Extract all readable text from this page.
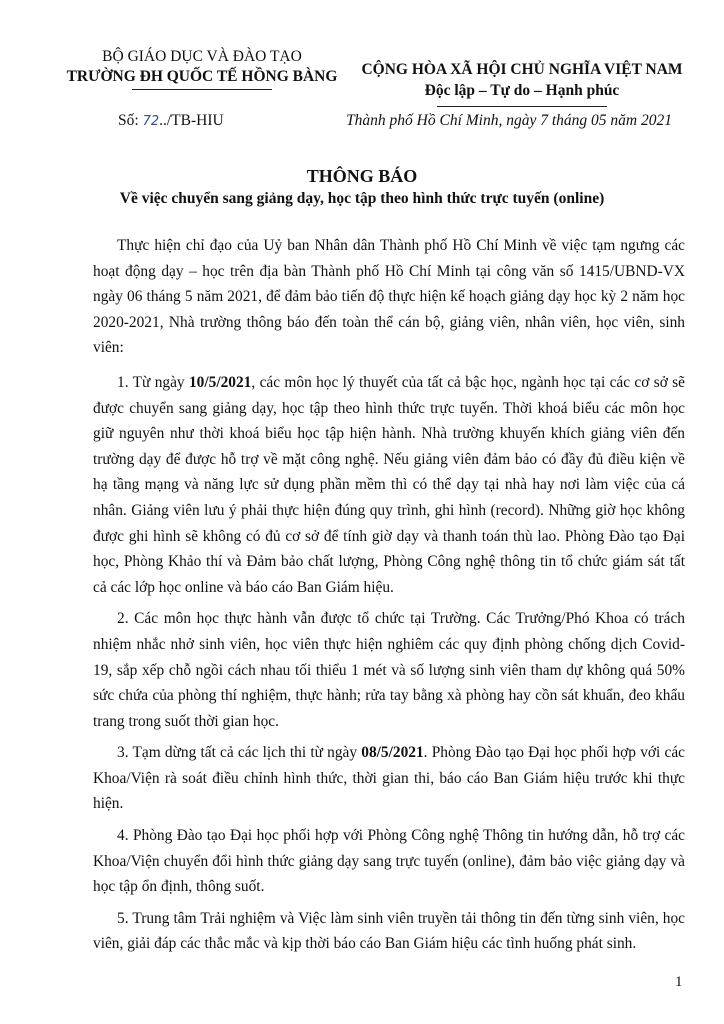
BỘ GIÁO DỤC VÀ ĐÀO TẠO
TRƯỜNG ĐH QUỐC TẾ HỒNG BÀNG	CỘNG HÒA XÃ HỘI CHỦ NGHĨA VIỆT NAM
Độc lập – Tự do – Hạnh phúc
Số: 72../TB-HIU	Thành phố Hồ Chí Minh, ngày 7 tháng 05 năm 2021
THÔNG BÁO
Về việc chuyển sang giảng dạy, học tập theo hình thức trực tuyến (online)

Thực hiện chỉ đạo của Uỷ ban Nhân dân Thành phố Hồ Chí Minh về việc tạm ngưng các hoạt động dạy – học trên địa bàn Thành phố Hồ Chí Minh tại công văn số 1415/UBND-VX ngày 06 tháng 5 năm 2021, để đảm bảo tiến độ thực hiện kế hoạch giảng dạy học kỳ 2 năm học 2020-2021, Nhà trường thông báo đến toàn thể cán bộ, giảng viên, nhân viên, học viên, sinh viên:

1. Từ ngày 10/5/2021, các môn học lý thuyết của tất cả bậc học, ngành học tại các cơ sở sẽ được chuyển sang giảng dạy, học tập theo hình thức trực tuyến. Thời khoá biểu các môn học giữ nguyên như thời khoá biểu học tập hiện hành. Nhà trường khuyến khích giảng viên đến trường dạy để được hỗ trợ về mặt công nghệ. Nếu giảng viên đảm bảo có đầy đủ điều kiện về hạ tầng mạng và năng lực sử dụng phần mềm thì có thể dạy tại nhà hay nơi làm việc của cá nhân. Giảng viên lưu ý phải thực hiện đúng quy trình, ghi hình (record). Những giờ học không được ghi hình sẽ không có đủ cơ sở để tính giờ dạy và thanh toán thù lao. Phòng Đào tạo Đại học, Phòng Khảo thí và Đảm bảo chất lượng, Phòng Công nghệ thông tin tổ chức giám sát tất cả các lớp học online và báo cáo Ban Giám hiệu.

2. Các môn học thực hành vẫn được tổ chức tại Trường. Các Trưởng/Phó Khoa có trách nhiệm nhắc nhở sinh viên, học viên thực hiện nghiêm các quy định phòng chống dịch Covid-19, sắp xếp chỗ ngồi cách nhau tối thiểu 1 mét và số lượng sinh viên tham dự không quá 50% sức chứa của phòng thí nghiệm, thực hành; rửa tay bằng xà phòng hay cồn sát khuẩn, đeo khẩu trang trong suốt thời gian học.

3. Tạm dừng tất cả các lịch thi từ ngày 08/5/2021. Phòng Đào tạo Đại học phối hợp với các Khoa/Viện rà soát điều chỉnh hình thức, thời gian thi, báo cáo Ban Giám hiệu trước khi thực hiện.

4. Phòng Đào tạo Đại học phối hợp với Phòng Công nghệ Thông tin hướng dẫn, hỗ trợ các Khoa/Viện chuyển đổi hình thức giảng dạy sang trực tuyến (online), đảm bảo việc giảng dạy và học tập ổn định, thông suốt.

5. Trung tâm Trải nghiệm và Việc làm sinh viên truyền tải thông tin đến từng sinh viên, học viên, giải đáp các thắc mắc và kịp thời báo cáo Ban Giám hiệu các tình huống phát sinh.

1
